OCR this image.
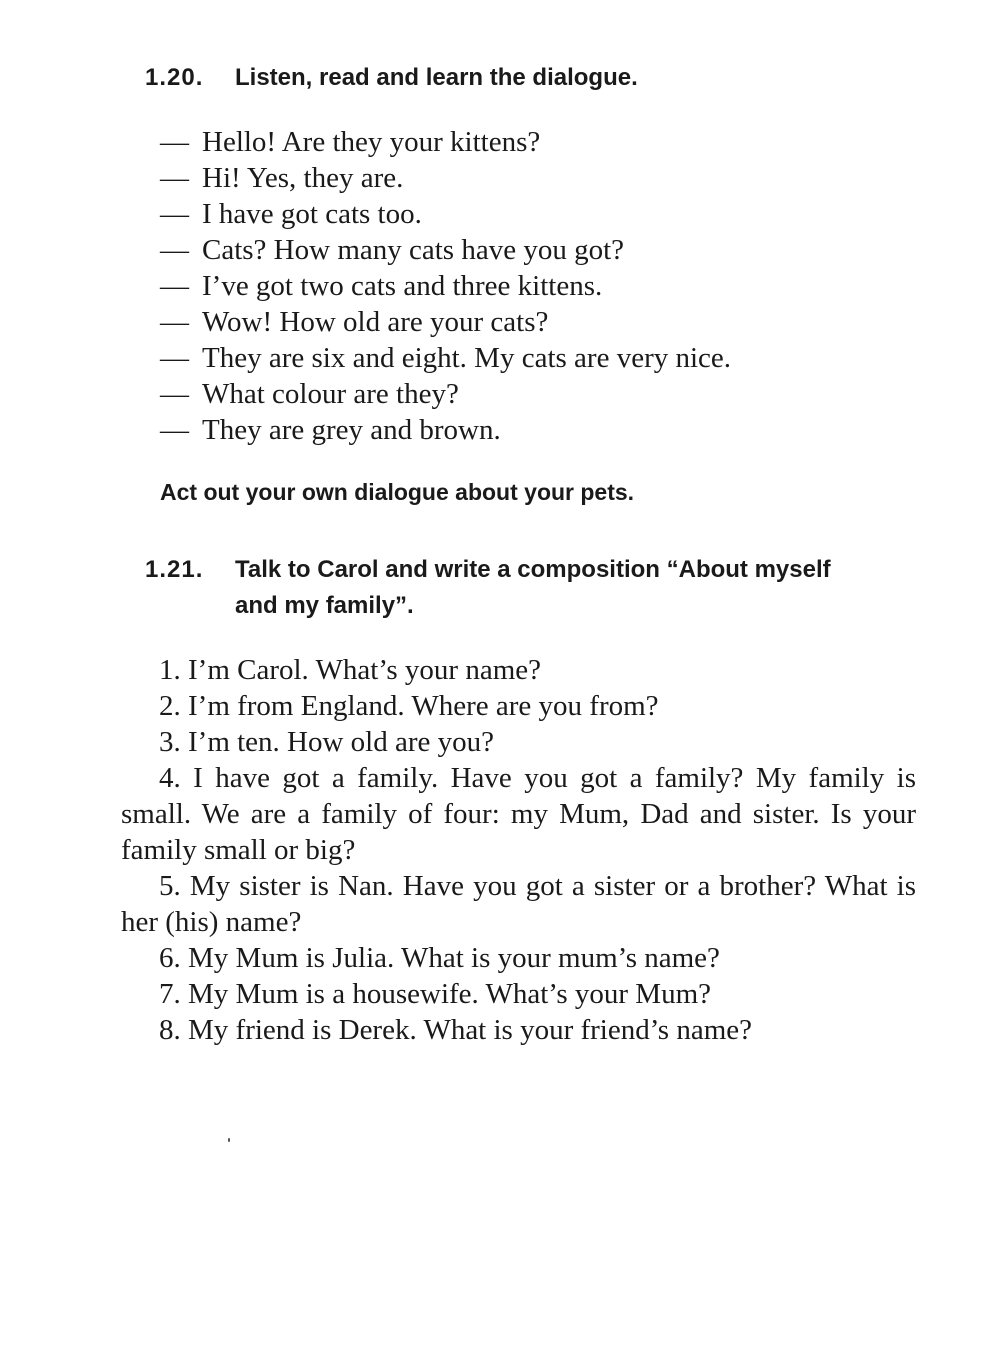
1.20. Listen, read and learn the dialogue.

— Hello! Are they your kittens?

— Hi! Yes, they are.

— I have got cats too.

— Cats? How many cats have you got?

— I’ve got two cats and three kittens.

— Wow! How old are your cats?

— They are six and eight. My cats are very nice.

— What colour are they?

— They are grey and brown.

Act out your own dialogue about your pets.

1.21. Talk to Carol and write a composition “About myself
and my family”.

1. I’m Carol. What’s your name?

2. I’m from England. Where are you from?

3. I’m ten. How old are you?

4. I have got a family. Have you got a family? My family is small. We are a family of four: my Mum, Dad and sister. Is your family small or big?

5. My sister is Nan. Have you got a sister or a brother? What is her (his) name?

6. My Mum is Julia. What is your mum’s name?

7. My Mum is a housewife. What’s your Mum?

8. My friend is Derek. What is your friend’s name?
